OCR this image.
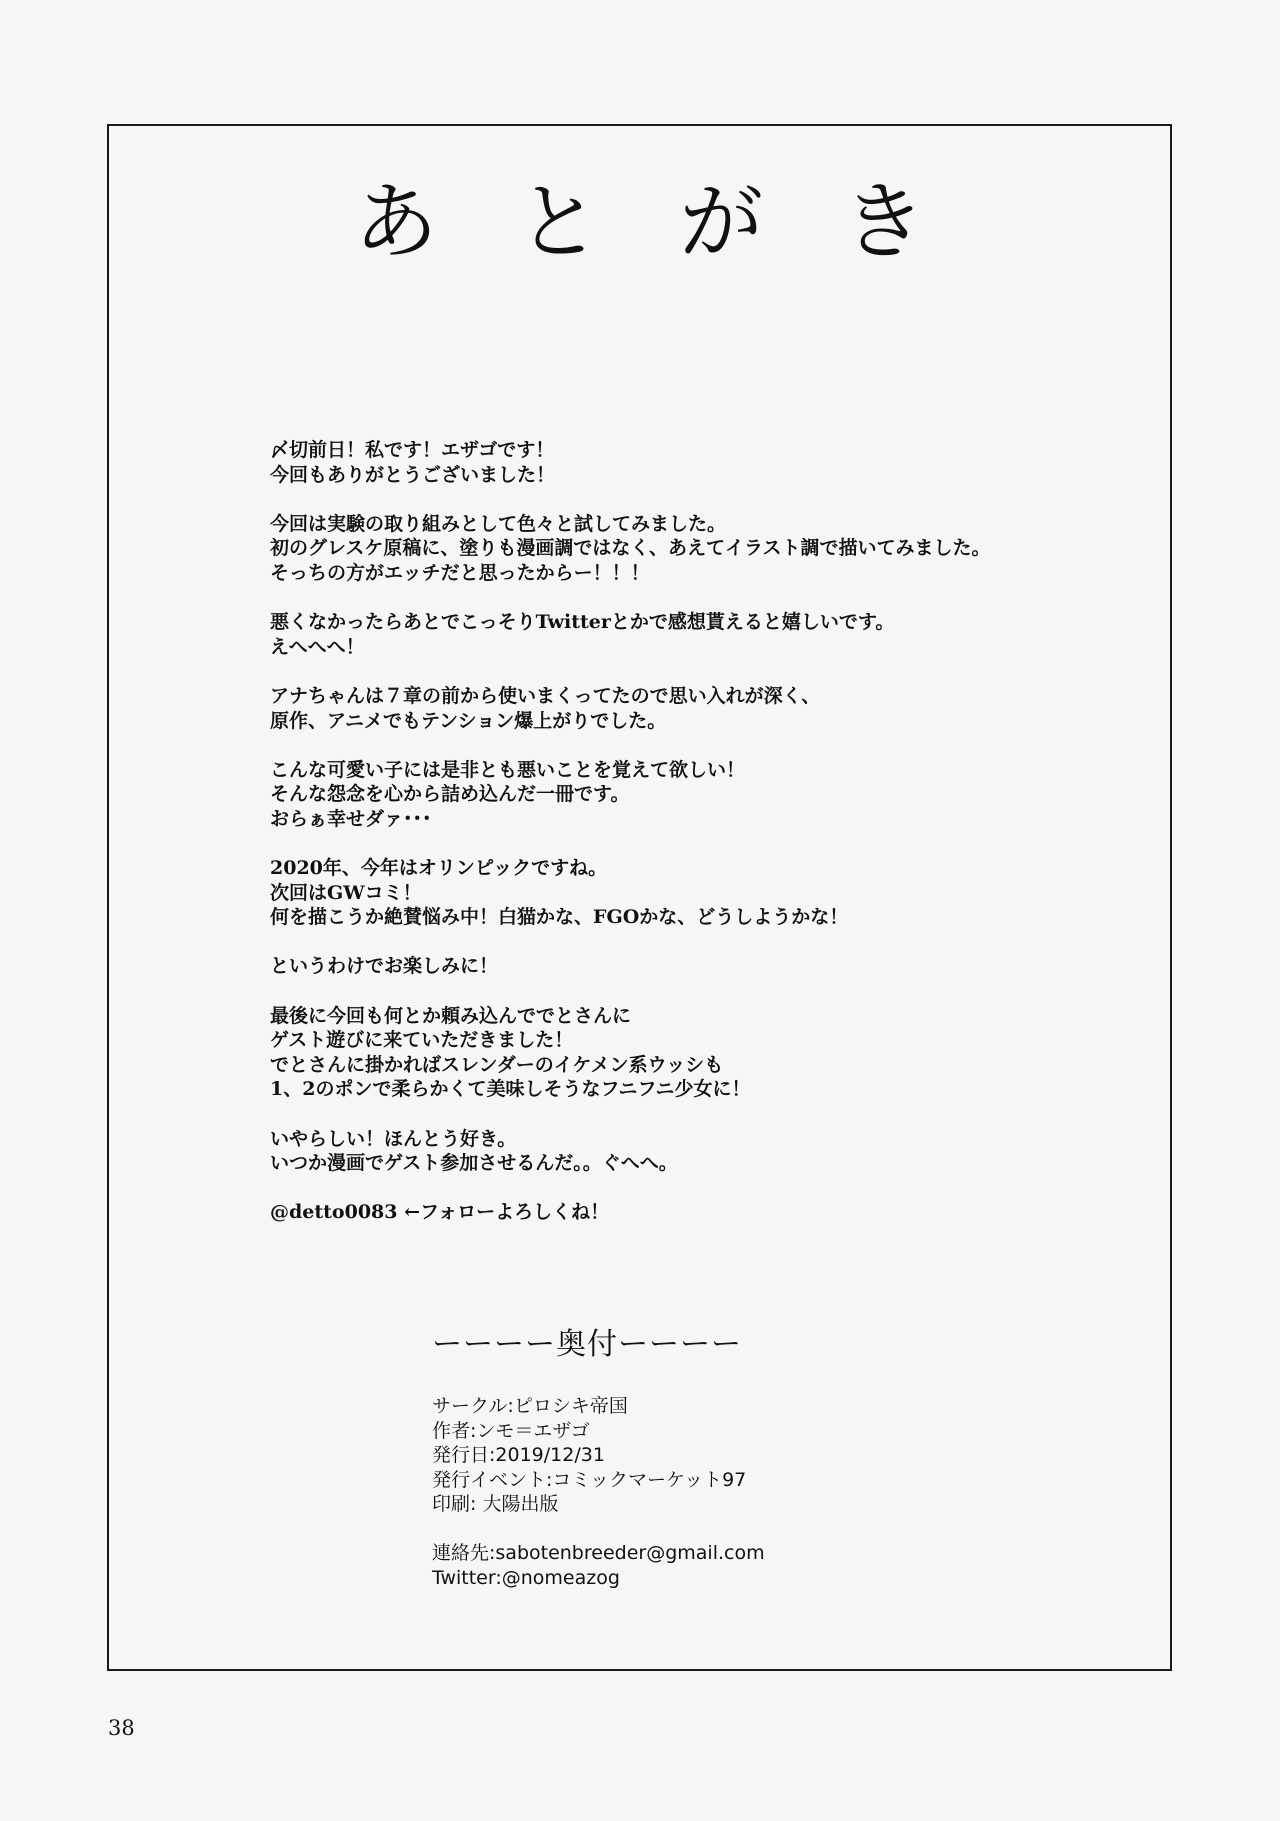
あ と が き
〆切前日！私です！エザゴです！
今回もありがとうございました！
今回は実験の取り組みとして色々と試してみました。
初のグレスケ原稿に、塗りも漫画調ではなく、あえてイラスト調で描いてみました。
そっちの方がエッチだと思ったからー！！！
悪くなかったらあとでこっそりTwitterとかで感想貰えると嬉しいです。
えへへへ！
アナちゃんは７章の前から使いまくってたので思い入れが深く、
原作、アニメでもテンション爆上がりでした。
こんな可愛い子には是非とも悪いことを覚えて欲しい！
そんな怨念を心から詰め込んだ一冊です。
おらぁ幸せダァ･･･
2020年、今年はオリンピックですね。
次回はGWコミ！
何を描こうか絶賛悩み中！白猫かな、FGOかな、どうしようかな！
というわけでお楽しみに！
最後に今回も何とか頼み込んででとさんに
ゲスト遊びに来ていただきました！
でとさんに掛かればスレンダーのイケメン系ウッシも
1、2のポンで柔らかくて美味しそうなフニフニ少女に！
いやらしい！ほんとう好き。
いつか漫画でゲスト参加させるんだ。。ぐへへ。
@detto0083 ←フォローよろしくね！
ーーーー奥付ーーーー
サークル:ピロシキ帝国
作者:ンモ＝エザゴ
発行日:2019/12/31
発行イベント:コミックマーケット97
印刷: 大陽出版
連絡先:sabotenbreeder@gmail.com
Twitter:@nomeazog
38
